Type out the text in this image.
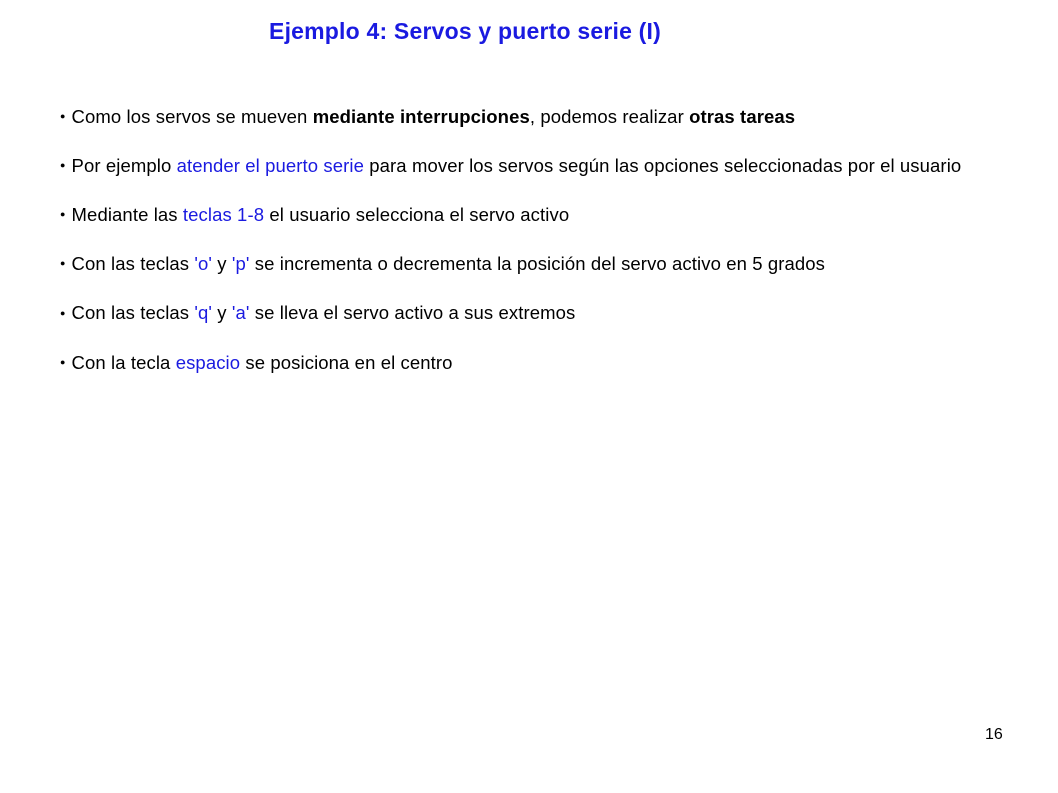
Ejemplo 4: Servos y puerto serie (I)
● Como los servos se mueven mediante interrupciones, podemos realizar otras tareas
● Por ejemplo atender el puerto serie para mover los servos según las opciones seleccionadas por el usuario
● Mediante las teclas 1-8 el usuario selecciona el servo activo
● Con las teclas 'o' y 'p' se incrementa o decrementa la posición del servo activo en 5 grados
● Con las teclas 'q' y 'a' se lleva el servo activo a sus extremos
● Con la tecla espacio se posiciona en el centro
16
